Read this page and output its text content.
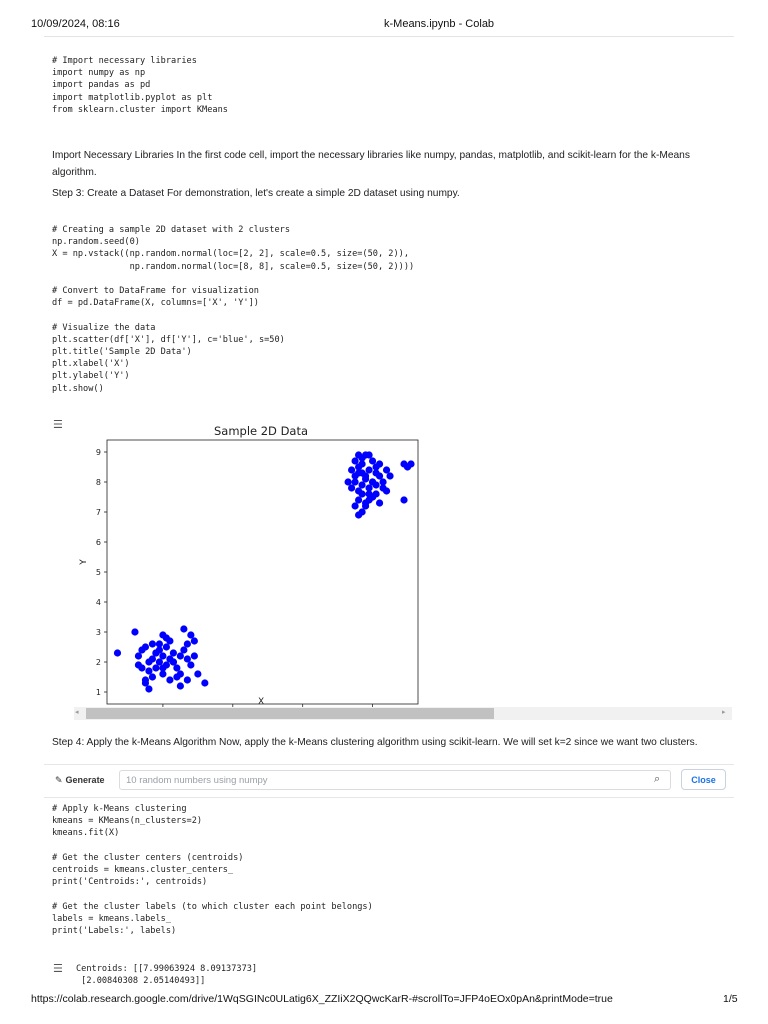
10/09/2024, 08:16	k-Means.ipynb - Colab
# Import necessary libraries
import numpy as np
import pandas as pd
import matplotlib.pyplot as plt
from sklearn.cluster import KMeans

Import Necessary Libraries In the first code cell, import the necessary libraries like numpy, pandas, matplotlib, and scikit-learn for the k-Means algorithm.

Step 3: Create a Dataset For demonstration, let's create a simple 2D dataset using numpy.

# Creating a sample 2D dataset with 2 clusters
np.random.seed(0)
X = np.vstack((np.random.normal(loc=[2, 2], scale=0.5, size=(50, 2)),
np.random.normal(loc=[8, 8], scale=0.5, size=(50, 2))))

# Convert to DataFrame for visualization
df = pd.DataFrame(X, columns=['X', 'Y'])

# Visualize the data
plt.scatter(df['X'], df['Y'], c='blue', s=50)
plt.title('Sample 2D Data')
plt.xlabel('X')
plt.ylabel('Y')
plt.show()
☰	Sample 2D Data
1
2
3
4
5
6
7
8
9
Y
X
◂	▸

Step 4: Apply the k-Means Algorithm Now, apply the k-Means clustering algorithm using scikit-learn. We will set k=2 since we want two clusters.

✎ Generate
10 random numbers using numpy	⌕	Close
# Apply k-Means clustering
kmeans = KMeans(n_clusters=2)
kmeans.fit(X)

# Get the cluster centers (centroids)
centroids = kmeans.cluster_centers_
print('Centroids:', centroids)

# Get the cluster labels (to which cluster each point belongs)
labels = kmeans.labels_
print('Labels:', labels)
☰ Centroids: [[7.99063924 8.09137373]
[2.00840308 2.05140493]]
https://colab.research.google.com/drive/1WqSGINc0ULatig6X_ZZIiX2QQwcKarR-#scrollTo=JFP4oEOx0pAn&printMode=true	1/5
